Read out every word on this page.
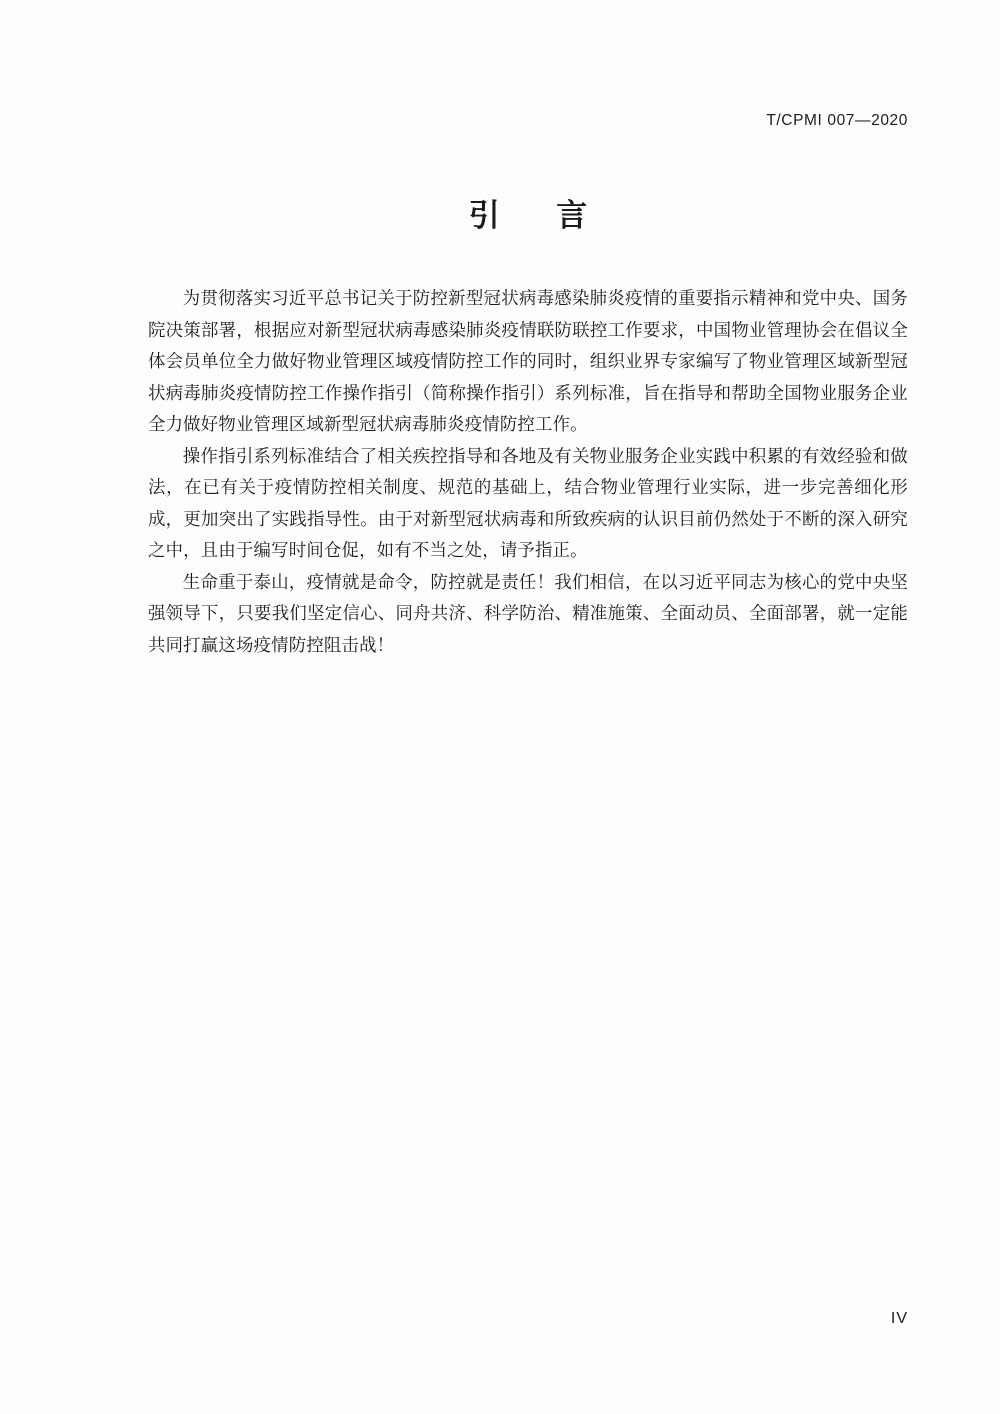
T/CPMI 007—2020
引 言

为贯彻落实习近平总书记关于防控新型冠状病毒感染肺炎疫情的重要指示精神和党中央、国务院决策部署，根据应对新型冠状病毒感染肺炎疫情联防联控工作要求，中国物业管理协会在倡议全体会员单位全力做好物业管理区域疫情防控工作的同时，组织业界专家编写了物业管理区域新型冠状病毒肺炎疫情防控工作操作指引（简称操作指引）系列标准，旨在指导和帮助全国物业服务企业全力做好物业管理区域新型冠状病毒肺炎疫情防控工作。

操作指引系列标准结合了相关疾控指导和各地及有关物业服务企业实践中积累的有效经验和做法，在已有关于疫情防控相关制度、规范的基础上，结合物业管理行业实际，进一步完善细化形成，更加突出了实践指导性。由于对新型冠状病毒和所致疾病的认识目前仍然处于不断的深入研究之中，且由于编写时间仓促，如有不当之处，请予指正。

生命重于泰山，疫情就是命令，防控就是责任！我们相信，在以习近平同志为核心的党中央坚强领导下，只要我们坚定信心、同舟共济、科学防治、精准施策、全面动员、全面部署，就一定能共同打赢这场疫情防控阻击战！

IV
